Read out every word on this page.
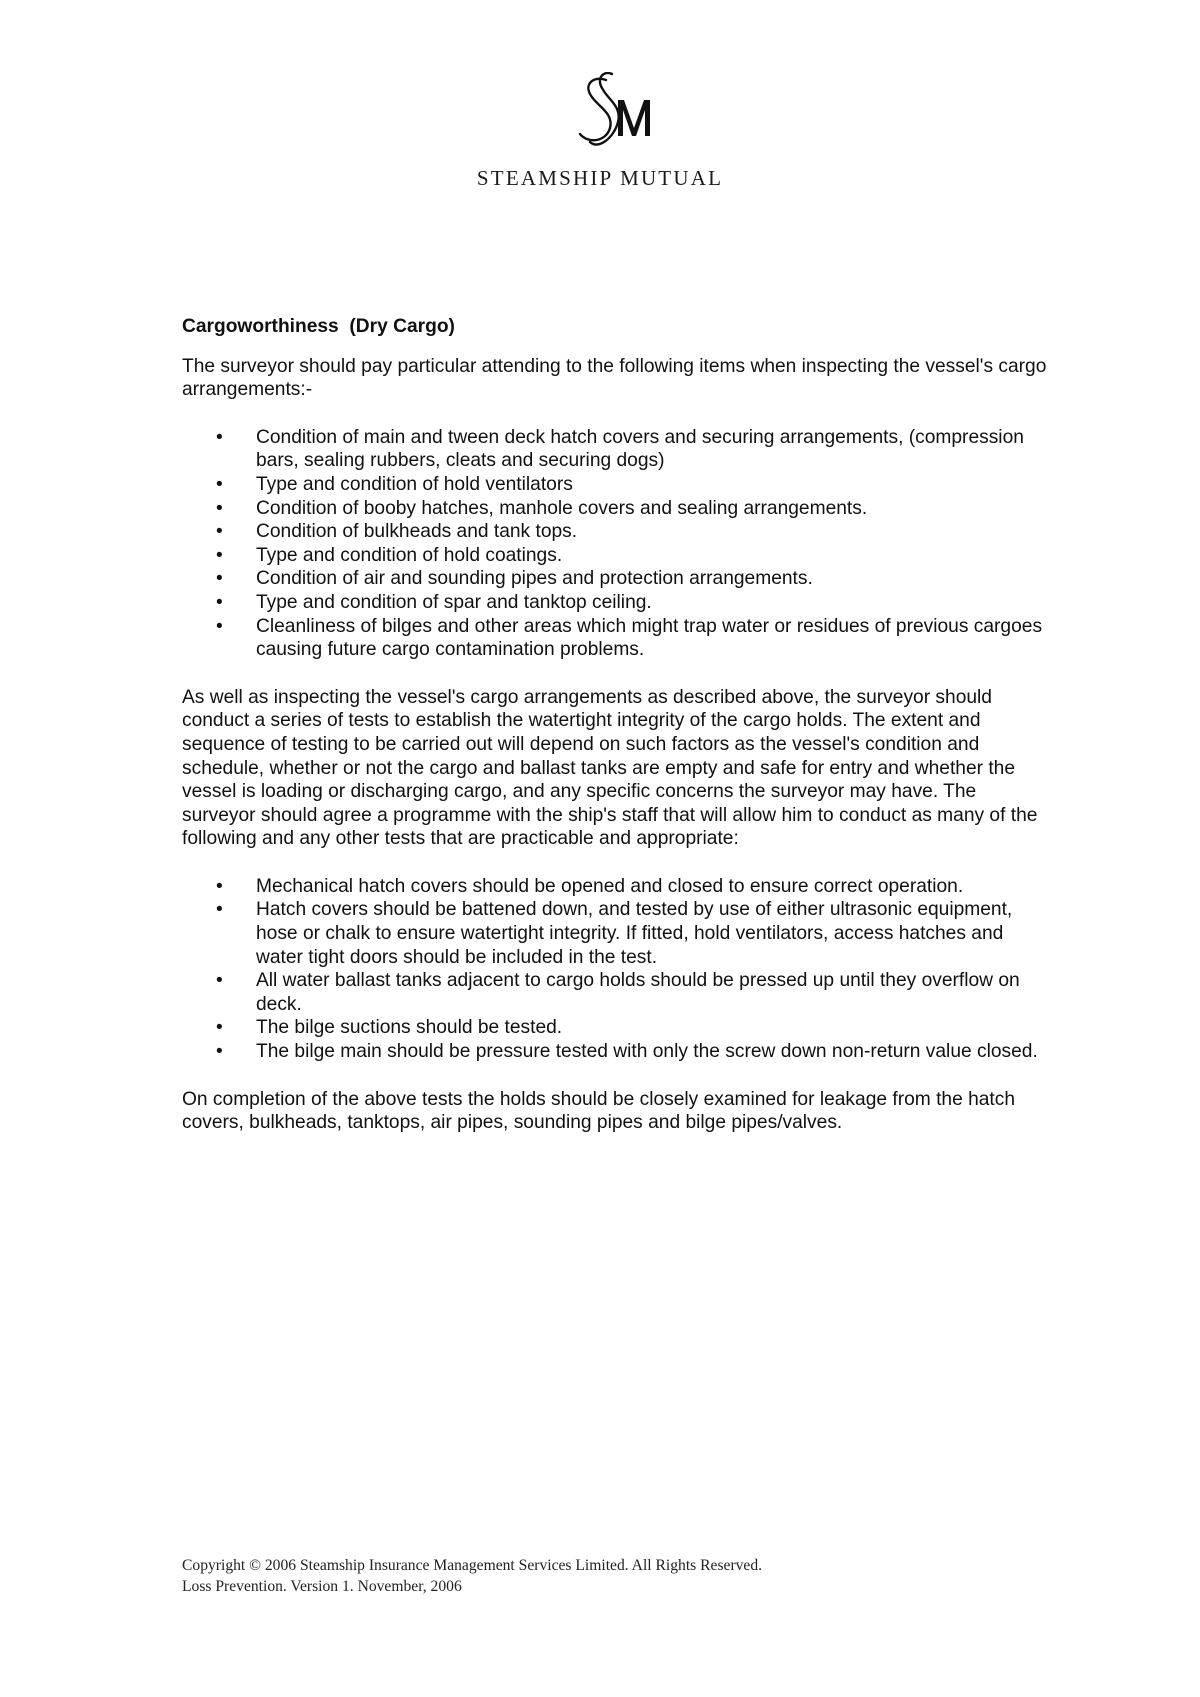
STEAMSHIP MUTUAL
Cargoworthiness  (Dry Cargo)

The surveyor should pay particular attending to the following items when inspecting the vessel's cargo arrangements:-

• Condition of main and tween deck hatch covers and securing arrangements, (compression bars, sealing rubbers, cleats and securing dogs)
• Type and condition of hold ventilators
• Condition of booby hatches, manhole covers and sealing arrangements.
• Condition of bulkheads and tank tops.
• Type and condition of hold coatings.
• Condition of air and sounding pipes and protection arrangements.
• Type and condition of spar and tanktop ceiling.
• Cleanliness of bilges and other areas which might trap water or residues of previous cargoes causing future cargo contamination problems.

As well as inspecting the vessel's cargo arrangements as described above, the surveyor should conduct a series of tests to establish the watertight integrity of the cargo holds. The extent and sequence of testing to be carried out will depend on such factors as the vessel's condition and schedule, whether or not the cargo and ballast tanks are empty and safe for entry and whether the vessel is loading or discharging cargo, and any specific concerns the surveyor may have. The surveyor should agree a programme with the ship's staff that will allow him to conduct as many of the following and any other tests that are practicable and appropriate:

• Mechanical hatch covers should be opened and closed to ensure correct operation.
• Hatch covers should be battened down, and tested by use of either ultrasonic equipment, hose or chalk to ensure watertight integrity. If fitted, hold ventilators, access hatches and water tight doors should be included in the test.
• All water ballast tanks adjacent to cargo holds should be pressed up until they overflow on deck.
• The bilge suctions should be tested.
• The bilge main should be pressure tested with only the screw down non-return value closed.

On completion of the above tests the holds should be closely examined for leakage from the hatch covers, bulkheads, tanktops, air pipes, sounding pipes and bilge pipes/valves.

Copyright © 2006 Steamship Insurance Management Services Limited. All Rights Reserved.
Loss Prevention. Version 1. November, 2006
